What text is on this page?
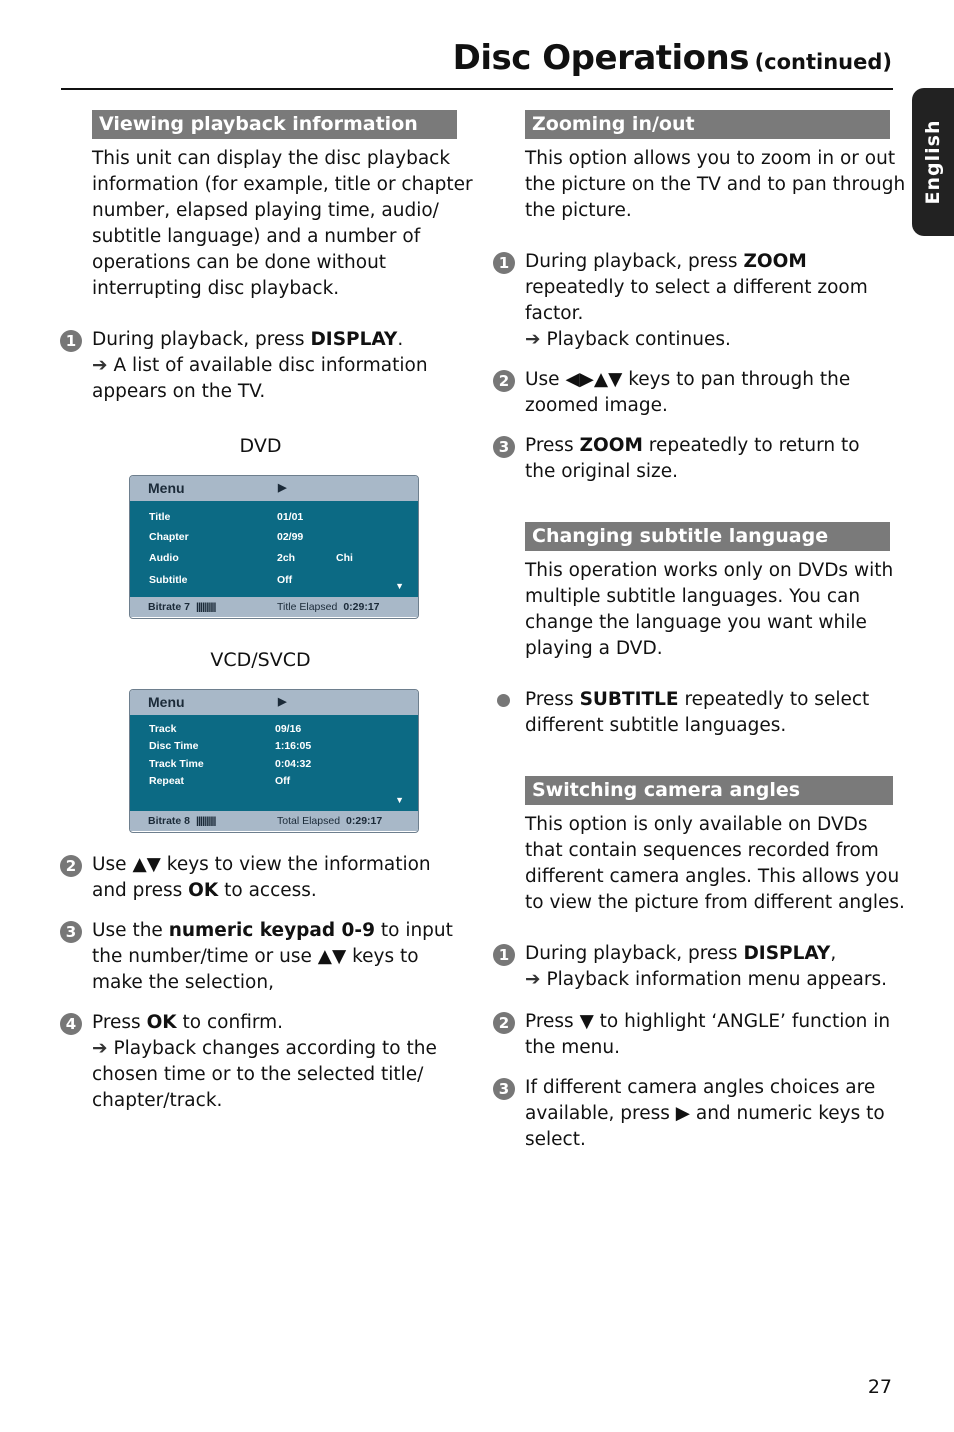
Disc Operations (continued)
English
Viewing playback information
This unit can display the disc playback
information (for example, title or chapter
number, elapsed playing time, audio/
subtitle language) and a number of
operations can be done without
interrupting disc playback.
1 During playback, press DISPLAY.

➔ A list of available disc information

appears on the TV.

DVD
Menu	▶
Title	01/01
Chapter	02/99
Audio	2ch	Chi
Subtitle	Off	▼
Bitrate 7 ||||||||||	Title Elapsed 0:29:17
VCD/SVCD
Menu	▶
Track	09/16
Disc Time	1:16:05
Track Time	0:04:32
Repeat	Off
▼
Bitrate 8 ||||||||||	Total Elapsed 0:29:17
2 Use ▲▼ keys to view the information

and press OK to access.

3 Use the numeric keypad 0-9 to input

the number/time or use ▲▼ keys to

make the selection,

4 Press OK to confirm.

➔ Playback changes according to the

chosen time or to the selected title/

chapter/track.

Zooming in/out
This option allows you to zoom in or out
the picture on the TV and to pan through
the picture.
1 During playback, press ZOOM

repeatedly to select a different zoom

factor.

➔ Playback continues.

2 Use ◀▶▲▼ keys to pan through the

zoomed image.

3 Press ZOOM repeatedly to return to

the original size.

Changing subtitle language
This operation works only on DVDs with
multiple subtitle languages. You can
change the language you want while
playing a DVD.

Press SUBTITLE repeatedly to select

different subtitle languages.

Switching camera angles
This option is only available on DVDs
that contain sequences recorded from
different camera angles. This allows you
to view the picture from different angles.
1 During playback, press DISPLAY,

➔ Playback information menu appears.

2 Press ▼ to highlight ‘ANGLE’ function in

the menu.

3 If different camera angles choices are

available, press ▶ and numeric keys to

select.

27
